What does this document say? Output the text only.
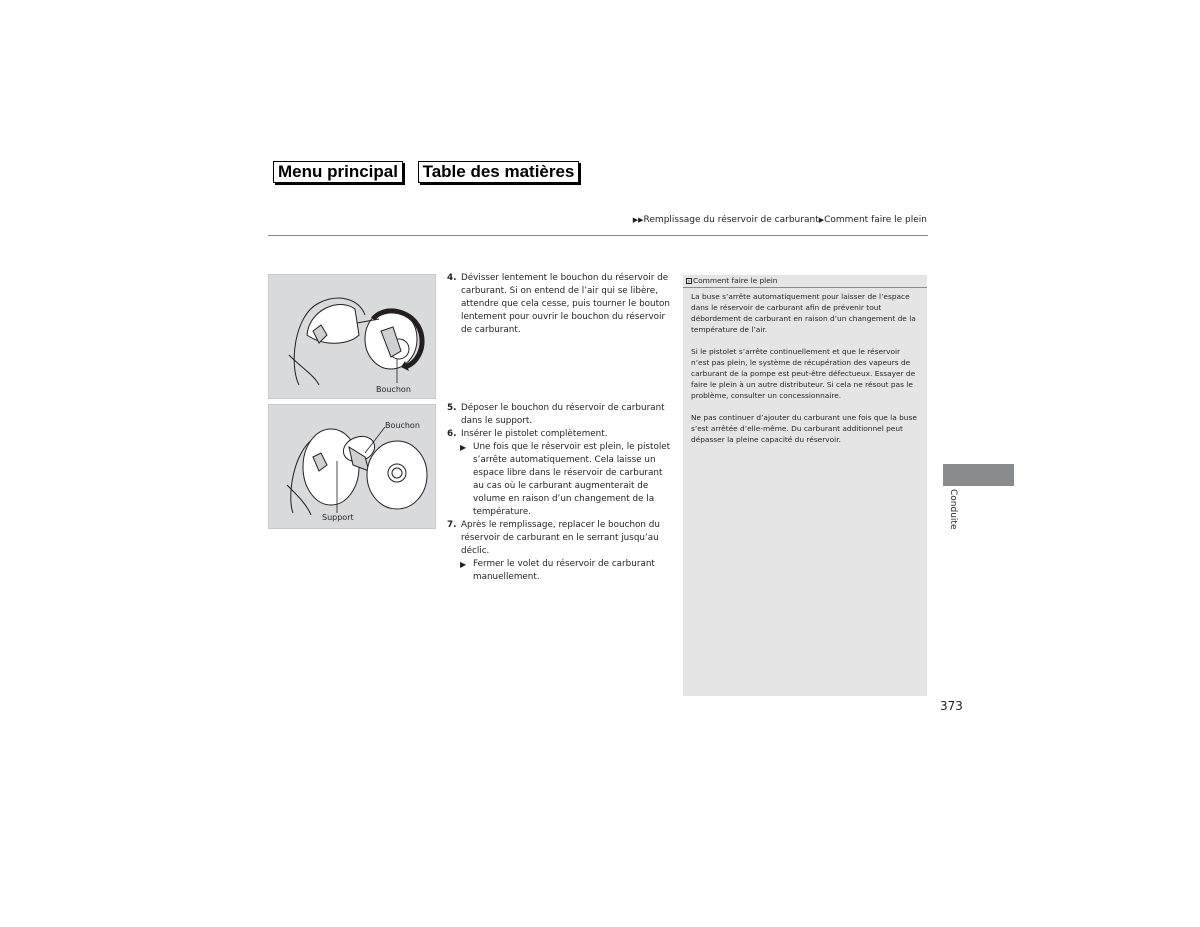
Menu principal Table des matières
▶▶Remplissage du réservoir de carburant▶Comment faire le plein
Bouchon
Bouchon
Support

4. Dévisser lentement le bouchon du réservoir de carburant. Si on entend de l’air qui se libère, attendre que cela cesse, puis tourner le bouton lentement pour ouvrir le bouchon du réservoir de carburant.

5. Déposer le bouchon du réservoir de carburant dans le support.

6. Insérer le pistolet complètement.

▶ Une fois que le réservoir est plein, le pistolet s’arrête automatiquement. Cela laisse un espace libre dans le réservoir de carburant au cas où le carburant augmenterait de volume en raison d’un changement de la température.

7. Après le remplissage, replacer le bouchon du réservoir de carburant en le serrant jusqu’au déclic.

▶ Fermer le volet du réservoir de carburant manuellement.

› Comment faire le plein

La buse s’arrête automatiquement pour laisser de l’espace dans le réservoir de carburant afin de prévenir tout débordement de carburant en raison d’un changement de la température de l’air.

Si le pistolet s’arrête continuellement et que le réservoir n’est pas plein, le système de récupération des vapeurs de carburant de la pompe est peut-être défectueux. Essayer de faire le plein à un autre distributeur. Si cela ne résout pas le problème, consulter un concessionnaire.

Ne pas continuer d’ajouter du carburant une fois que la buse s’est arrêtée d’elle-même. Du carburant additionnel peut dépasser la pleine capacité du réservoir.

Conduite
373
